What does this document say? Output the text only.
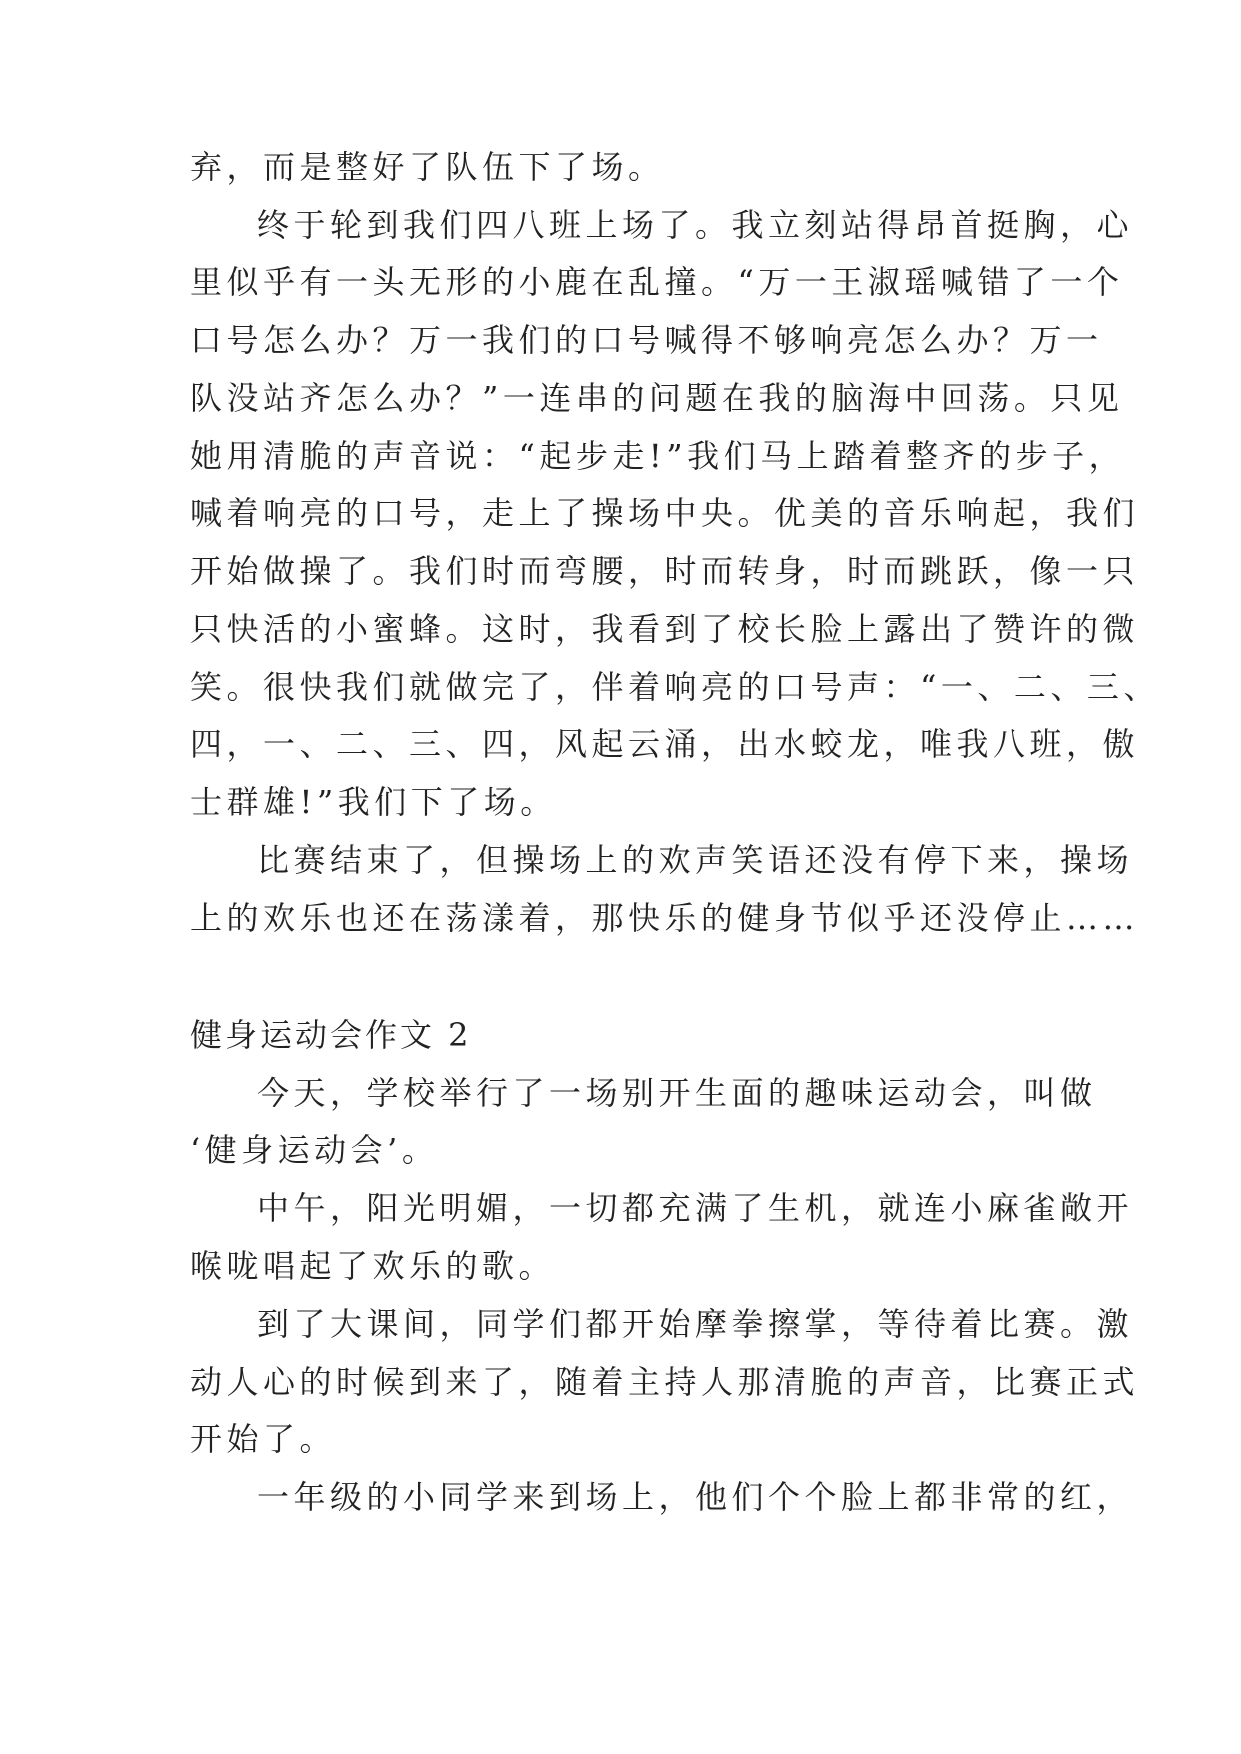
弃，而是整好了队伍下了场。
终于轮到我们四八班上场了。我立刻站得昂首挺胸，心
里似乎有一头无形的小鹿在乱撞。“万一王淑瑶喊错了一个
口号怎么办？万一我们的口号喊得不够响亮怎么办？万一
队没站齐怎么办？”一连串的问题在我的脑海中回荡。只见
她用清脆的声音说：“起步走!”我们马上踏着整齐的步子，
喊着响亮的口号，走上了操场中央。优美的音乐响起，我们
开始做操了。我们时而弯腰，时而转身，时而跳跃，像一只
只快活的小蜜蜂。这时，我看到了校长脸上露出了赞许的微
笑。很快我们就做完了，伴着响亮的口号声：“一、二、三、
四，一、二、三、四，风起云涌，出水蛟龙，唯我八班，傲
士群雄!”我们下了场。
比赛结束了，但操场上的欢声笑语还没有停下来，操场
上的欢乐也还在荡漾着，那快乐的健身节似乎还没停止……
健身运动会作文 2
今天，学校举行了一场别开生面的趣味运动会，叫做
‘健身运动会’。
中午，阳光明媚，一切都充满了生机，就连小麻雀敞开
喉咙唱起了欢乐的歌。
到了大课间，同学们都开始摩拳擦掌，等待着比赛。激
动人心的时候到来了，随着主持人那清脆的声音，比赛正式
开始了。
一年级的小同学来到场上，他们个个脸上都非常的红，
